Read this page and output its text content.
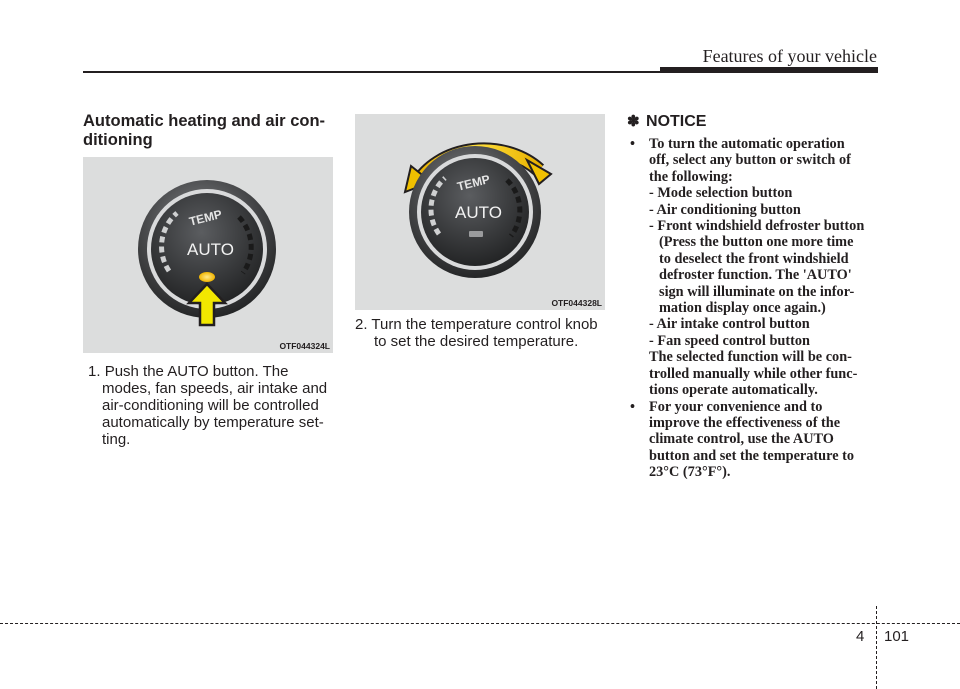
Features of your vehicle
Automatic heating and air con-
ditioning
TEMP
AUTO
OTF044324L

1. Push the AUTO button. The
modes, fan speeds, air intake and
air-conditioning will be controlled
automatically by temperature set-
ting.

TEMP
AUTO
OTF044328L

2. Turn the temperature control knob
to set the desired temperature.

✽ NOTICE
• To turn the automatic operation
off, select any button or switch of
the following:
- Mode selection button
- Air conditioning button
- Front windshield defroster button
(Press the button one more time
to deselect the front windshield
defroster function. The 'AUTO'
sign will illuminate on the infor-
mation display once again.)
- Air intake control button
- Fan speed control button
The selected function will be con-
trolled manually while other func-
tions operate automatically.
• For your convenience and to
improve the effectiveness of the
climate control, use the AUTO
button and set the temperature to
23°C (73°F°).
4 101
